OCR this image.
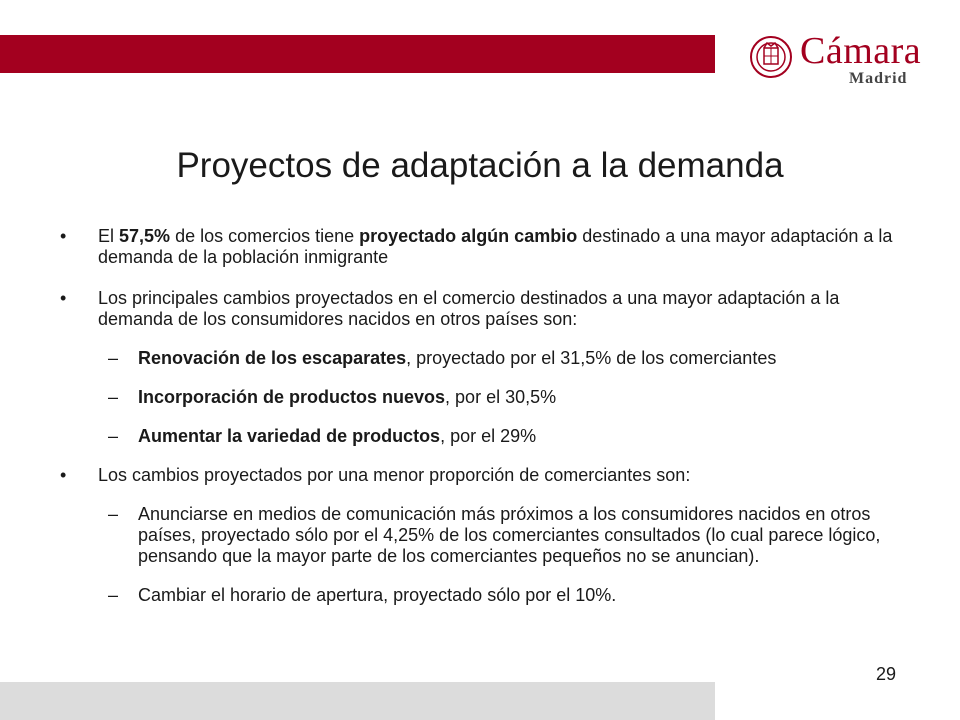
Cámara
Madrid
Proyectos de adaptación a la demanda
• El 57,5% de los comercios tiene proyectado algún cambio destinado a una mayor adaptación a la demanda de la población inmigrante
• Los principales cambios proyectados en el comercio destinados a una mayor adaptación a la demanda de los consumidores nacidos en otros países son:
– Renovación de los escaparates, proyectado por el 31,5% de los comerciantes
– Incorporación de productos nuevos, por el 30,5%
– Aumentar la variedad de productos, por el 29%
• Los cambios proyectados por una menor proporción de comerciantes son:
– Anunciarse en medios de comunicación más próximos a los consumidores nacidos en otros países, proyectado sólo por el 4,25% de los comerciantes consultados (lo cual parece lógico, pensando que la mayor parte de los comerciantes pequeños no se anuncian).
– Cambiar el horario de apertura, proyectado sólo por el 10%.
29
